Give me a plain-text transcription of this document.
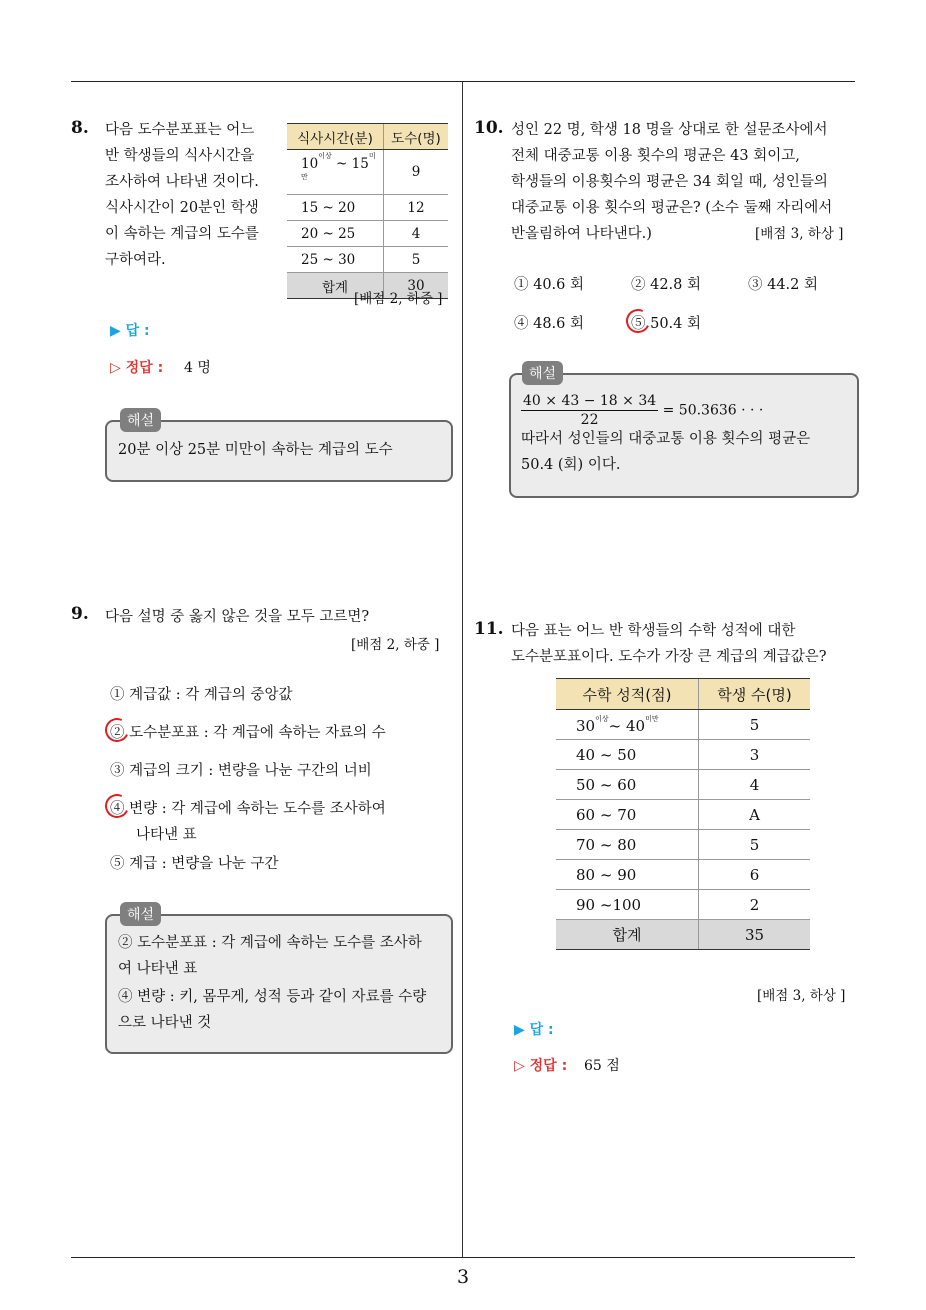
8. 다음 도수분포표는 어느
반 학생들의 식사시간을
조사하여 나타낸 것이다.
식사시간이 20분인 학생
이 속하는 계급의 도수를
구하여라.
식사시간(분)	도수(명)
$10^{이상}$ ~ $15^{미만}$	9
15 ~ 20	12
20 ~ 25	4
25 ~ 30	5
합계	30
[배점 2, 하중 ]
▶ 답 :
▷ 정답 : 4 명
해설
20분 이상 25분 미만이 속하는 계급의 도수
9. 다음 설명 중 옳지 않은 것을 모두 고르면?
[배점 2, 하중 ]
① 계급값 : 각 계급의 중앙값
② 도수분포표 : 각 계급에 속하는 자료의 수
③ 계급의 크기 : 변량을 나눈 구간의 너비
④ 변량 : 각 계급에 속하는 도수를 조사하여
나타낸 표
⑤ 계급 : 변량을 나눈 구간
해설
② 도수분포표 : 각 계급에 속하는 도수를 조사하
여 나타낸 표
④ 변량 : 키, 몸무게, 성적 등과 같이 자료를 수량
으로 나타낸 것
10. 성인 22 명, 학생 18 명을 상대로 한 설문조사에서
전체 대중교통 이용 횟수의 평균은 43 회이고,
학생들의 이용횟수의 평균은 34 회일 때, 성인들의
대중교통 이용 횟수의 평균은? (소수 둘째 자리에서
반올림하여 나타낸다.)	[배점 3, 하상 ]
① 40.6 회	② 42.8 회	③ 44.2 회
④ 48.6 회	⑤ 50.4 회
해설
$\frac{40 \times 43 - 18 \times 34}{22} = 50.3636$ · · ·
따라서 성인들의 대중교통 이용 횟수의 평균은
50.4 (회) 이다.
11. 다음 표는 어느 반 학생들의 수학 성적에 대한
도수분포표이다. 도수가 가장 큰 계급의 계급값은?
수학 성적(점)	학생 수(명)
$30^{이상}\sim$ $40^{미만}$	5
40 ~ 50	3
50 ~ 60	4
60 ~ 70	A
70 ~ 80	5
80 ~ 90	6
90 ~100	2
합계	35
[배점 3, 하상 ]
▶ 답 :
▷ 정답 : 65 점
3
